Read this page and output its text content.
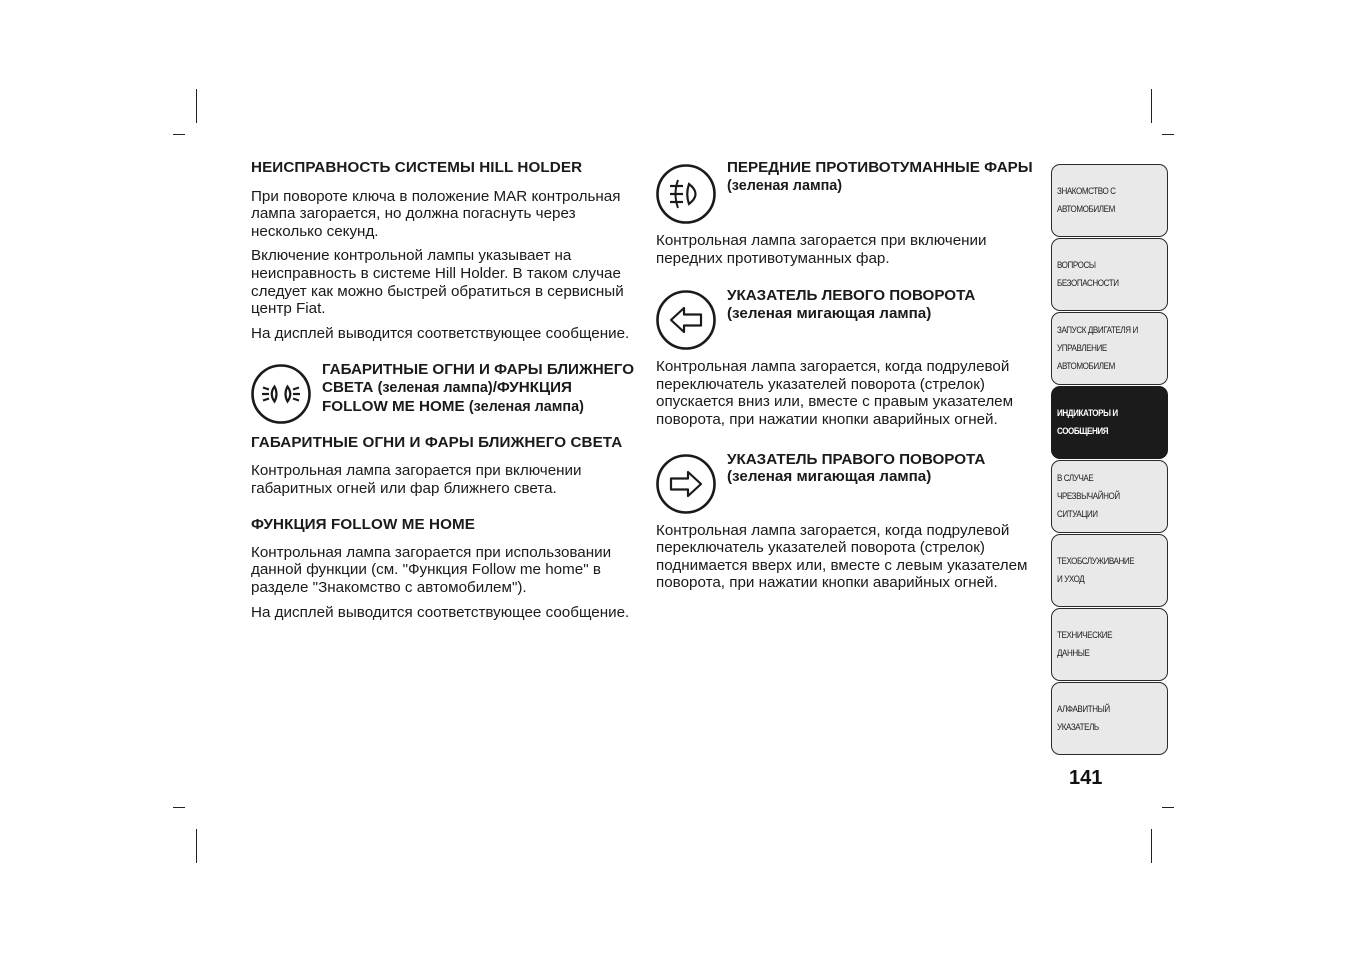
НЕИСПРАВНОСТЬ СИСТЕМЫ HILL HOLDER

При повороте ключа в положение MAR контрольная лампа загорается, но должна погаснуть через несколько секунд.

Включение контрольной лампы указывает на неисправность в системе Hill Holder. В таком случае следует как можно быстрей обратиться в сервисный центр Fiat.

На дисплей выводится соответствующее сообщение.

ГАБАРИТНЫЕ ОГНИ И ФАРЫ БЛИЖНЕГО СВЕТА (зеленая лампа)/ФУНКЦИЯ FOLLOW ME HOME (зеленая лампа)
ГАБАРИТНЫЕ ОГНИ И ФАРЫ БЛИЖНЕГО СВЕТА

Контрольная лампа загорается при включении габаритных огней или фар ближнего света.

ФУНКЦИЯ FOLLOW ME HOME

Контрольная лампа загорается при использовании данной функции (см. "Функция Follow me home" в разделе "Знакомство с автомобилем").

На дисплей выводится соответствующее сообщение.

ПЕРЕДНИЕ ПРОТИВОТУМАННЫЕ ФАРЫ (зеленая лампа)

Контрольная лампа загорается при включении передних противотуманных фар.

УКАЗАТЕЛЬ ЛЕВОГО ПОВОРОТА
(зеленая мигающая лампа)

Контрольная лампа загорается, когда подрулевой переключатель указателей поворота (стрелок) опускается вниз или, вместе с правым указателем поворота, при нажатии кнопки аварийных огней.

УКАЗАТЕЛЬ ПРАВОГО ПОВОРОТА
(зеленая мигающая лампа)

Контрольная лампа загорается, когда подрулевой переключатель указателей поворота (стрелок) поднимается вверх или, вместе с левым указателем поворота, при нажатии кнопки аварийных огней.

ЗНАКОМСТВО С
АВТОМОБИЛЕМ
ВОПРОСЫ
БЕЗОПАСНОСТИ
ЗАПУСК ДВИГАТЕЛЯ И
УПРАВЛЕНИЕ
АВТОМОБИЛЕМ
ИНДИКАТОРЫ И
СООБЩЕНИЯ
В СЛУЧАЕ
ЧРЕЗВЫЧАЙНОЙ
СИТУАЦИИ
ТЕХОБСЛУЖИВАНИЕ
И УХОД
ТЕХНИЧЕСКИЕ
ДАННЫЕ
АЛФАВИТНЫЙ
УКАЗАТЕЛЬ
141
